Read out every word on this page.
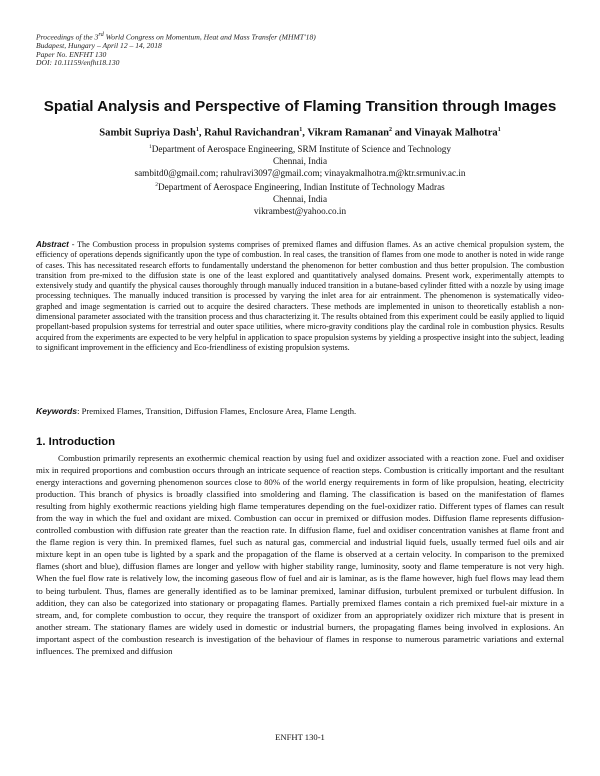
Proceedings of the 3rd World Congress on Momentum, Heat and Mass Transfer (MHMT'18)
Budapest, Hungary – April 12 – 14, 2018
Paper No. ENFHT 130
DOI: 10.11159/enfht18.130
Spatial Analysis and Perspective of Flaming Transition through Images
Sambit Supriya Dash$^1$, Rahul Ravichandran$^1$, Vikram Ramanan$^2$ and Vinayak Malhotra$^1$
$^1$Department of Aerospace Engineering, SRM Institute of Science and Technology
Chennai, India
sambitd0@gmail.com; rahulravi3097@gmail.com; vinayakmalhotra.m@ktr.srmuniv.ac.in
$^2$Department of Aerospace Engineering, Indian Institute of Technology Madras
Chennai, India
vikrambest@yahoo.co.in
Abstract - The Combustion process in propulsion systems comprises of premixed flames and diffusion flames. As an active chemical propulsion system, the efficiency of operations depends significantly upon the type of combustion. In real cases, the transition of flames from one mode to another is noted in wide range of cases. This has necessitated research efforts to fundamentally understand the phenomenon for better combustion and thus better propulsion. The combustion transition from pre-mixed to the diffusion state is one of the least explored and quantitatively analysed domains. Present work, experimentally attempts to extensively study and quantify the physical causes thoroughly through manually induced transition in a butane-based cylinder fitted with a nozzle by using image processing techniques. The manually induced transition is processed by varying the inlet area for air entrainment. The phenomenon is systematically video-graphed and image segmentation is carried out to acquire the desired characters. These methods are implemented in unison to theoretically establish a non-dimensional parameter associated with the transition process and thus characterizing it. The results obtained from this experiment could be easily applied to liquid propellant-based propulsion systems for terrestrial and outer space utilities, where micro-gravity conditions play the cardinal role in combustion physics. Results acquired from the experiments are expected to be very helpful in application to space propulsion systems by yielding a prospective insight into the subject, leading to significant improvement in the efficiency and Eco-friendliness of existing propulsion systems.
Keywords: Premixed Flames, Transition, Diffusion Flames, Enclosure Area, Flame Length.
1. Introduction
Combustion primarily represents an exothermic chemical reaction by using fuel and oxidizer associated with a reaction zone. Fuel and oxidiser mix in required proportions and combustion occurs through an intricate sequence of reaction steps. Combustion is critically important and the resultant energy interactions and governing phenomenon sources close to 80% of the world energy requirements in form of like propulsion, heating, electricity production. This branch of physics is broadly classified into smoldering and flaming. The classification is based on the manifestation of flames resulting from highly exothermic reactions yielding high flame temperatures depending on the fuel-oxidizer ratio. Different types of flames can result from the way in which the fuel and oxidant are mixed. Combustion can occur in premixed or diffusion modes. Diffusion flame represents diffusion-controlled combustion with diffusion rate greater than the reaction rate. In diffusion flame, fuel and oxidiser concentration vanishes at flame front and the flame region is very thin. In premixed flames, fuel such as natural gas, commercial and industrial liquid fuels, usually termed fuel oils and air mixture kept in an open tube is lighted by a spark and the propagation of the flame is observed at a certain velocity. In comparison to the premixed flames (short and blue), diffusion flames are longer and yellow with higher stability range, luminosity, sooty and flame temperature is not very high. When the fuel flow rate is relatively low, the incoming gaseous flow of fuel and air is laminar, as is the flame however, high fuel flows may lead them to being turbulent. Thus, flames are generally identified as to be laminar premixed, laminar diffusion, turbulent premixed or turbulent diffusion. In addition, they can also be categorized into stationary or propagating flames. Partially premixed flames contain a rich premixed fuel-air mixture in a stream, and, for complete combustion to occur, they require the transport of oxidizer from an appropriately oxidizer rich mixture that is present in another stream. The stationary flames are widely used in domestic or industrial burners, the propagating flames being involved in explosions. An important aspect of the combustion research is investigation of the behaviour of flames in response to numerous parametric variations and external influences. The premixed and diffusion
ENFHT 130-1
